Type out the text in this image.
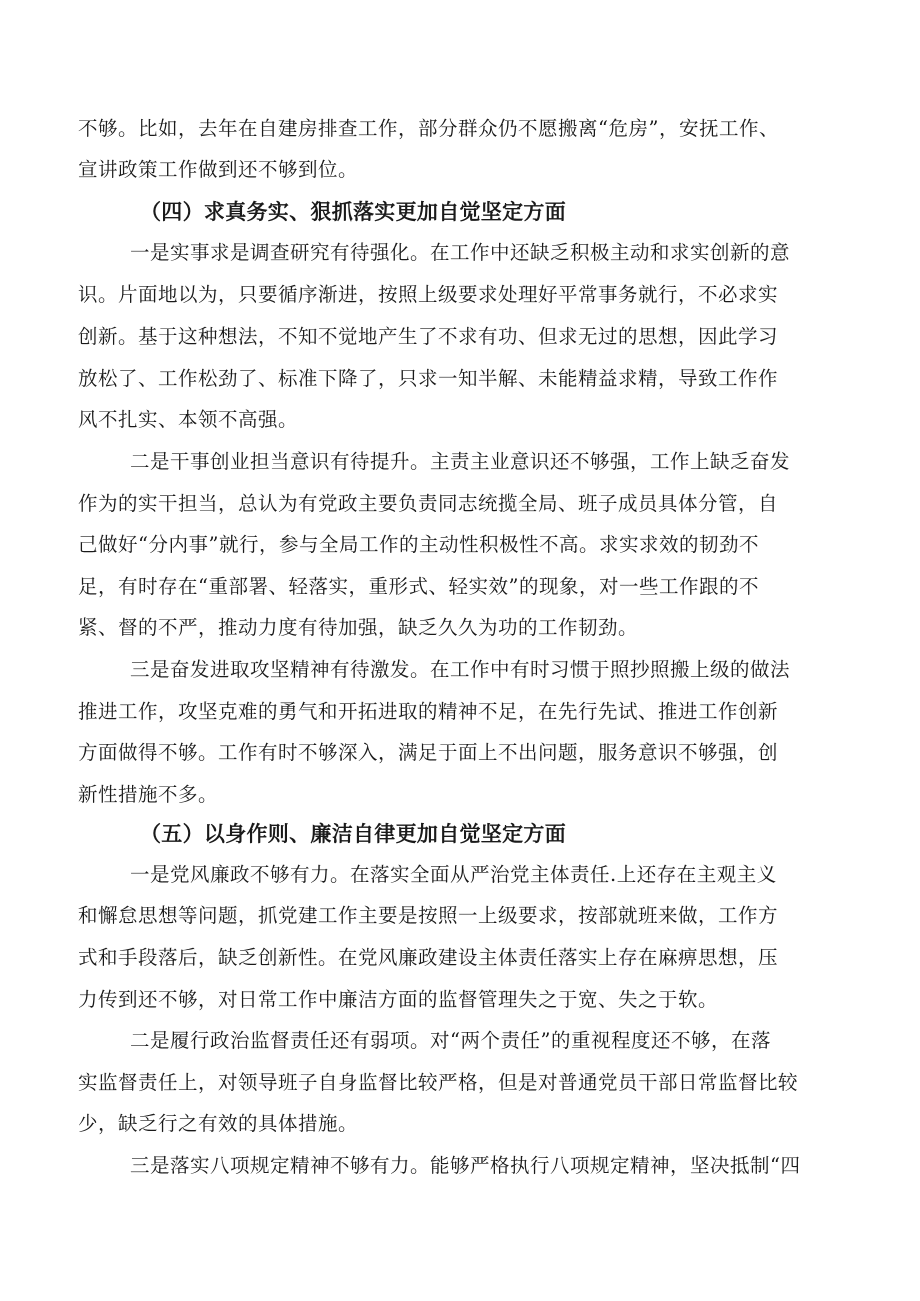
不够。比如，去年在自建房排查工作，部分群众仍不愿搬离“危房”，安抚工作、
宣讲政策工作做到还不够到位。
（四）求真务实、狠抓落实更加自觉坚定方面
一是实事求是调查研究有待强化。在工作中还缺乏积极主动和求实创新的意
识。片面地以为，只要循序渐进，按照上级要求处理好平常事务就行，不必求实
创新。基于这种想法，不知不觉地产生了不求有功、但求无过的思想，因此学习
放松了、工作松劲了、标准下降了，只求一知半解、未能精益求精，导致工作作
风不扎实、本领不高强。
二是干事创业担当意识有待提升。主责主业意识还不够强，工作上缺乏奋发
作为的实干担当，总认为有党政主要负责同志统揽全局、班子成员具体分管，自
己做好“分内事”就行，参与全局工作的主动性积极性不高。求实求效的韧劲不
足，有时存在“重部署、轻落实，重形式、轻实效”的现象，对一些工作跟的不
紧、督的不严，推动力度有待加强，缺乏久久为功的工作韧劲。
三是奋发进取攻坚精神有待激发。在工作中有时习惯于照抄照搬上级的做法
推进工作，攻坚克难的勇气和开拓进取的精神不足，在先行先试、推进工作创新
方面做得不够。工作有时不够深入，满足于面上不出问题，服务意识不够强，创
新性措施不多。
（五）以身作则、廉洁自律更加自觉坚定方面
一是党风廉政不够有力。在落实全面从严治党主体责任.上还存在主观主义
和懈怠思想等问题，抓党建工作主要是按照一上级要求，按部就班来做，工作方
式和手段落后，缺乏创新性。在党风廉政建设主体责任落实上存在麻痹思想，压
力传到还不够，对日常工作中廉洁方面的监督管理失之于宽、失之于软。
二是履行政治监督责任还有弱项。对“两个责任”的重视程度还不够，在落
实监督责任上，对领导班子自身监督比较严格，但是对普通党员干部日常监督比较
少，缺乏行之有效的具体措施。
三是落实八项规定精神不够有力。能够严格执行八项规定精神，坚决抵制“四
